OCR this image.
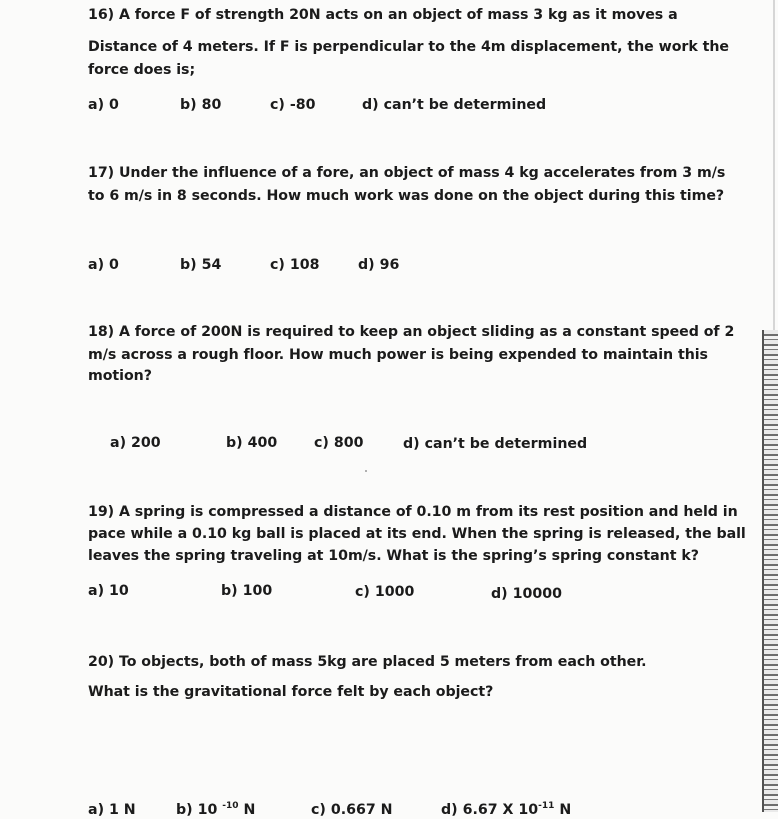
16) A force F of strength 20N acts on an object of mass 3 kg as it moves a
Distance of 4 meters. If F is perpendicular to the 4m displacement, the work the
force does is;
a) 0	b) 80	c) -80	d) can’t be determined
17) Under the influence of a fore, an object of mass 4 kg accelerates from 3 m/s
to 6 m/s in 8 seconds. How much work was done on the object during this time?
a) 0	b) 54	c) 108	d) 96
18) A force of 200N is required to keep an object sliding as a constant speed of 2
m/s across a rough floor. How much power is being expended to maintain this
motion?
a) 200	b) 400	c) 800	d) can’t be determined
19) A spring is compressed a distance of 0.10 m from its rest position and held in
pace while a 0.10 kg ball is placed at its end. When the spring is released, the ball
leaves the spring traveling at 10m/s. What is the spring’s spring constant k?
a) 10	b) 100	c) 1000	d) 10000
20) To objects, both of mass 5kg are placed 5 meters from each other.
What is the gravitational force felt by each object?
a) 1 N	b) 10 $^{-10}$ N	c) 0.667 N	d) 6.67 X $10^{-11}$ N
